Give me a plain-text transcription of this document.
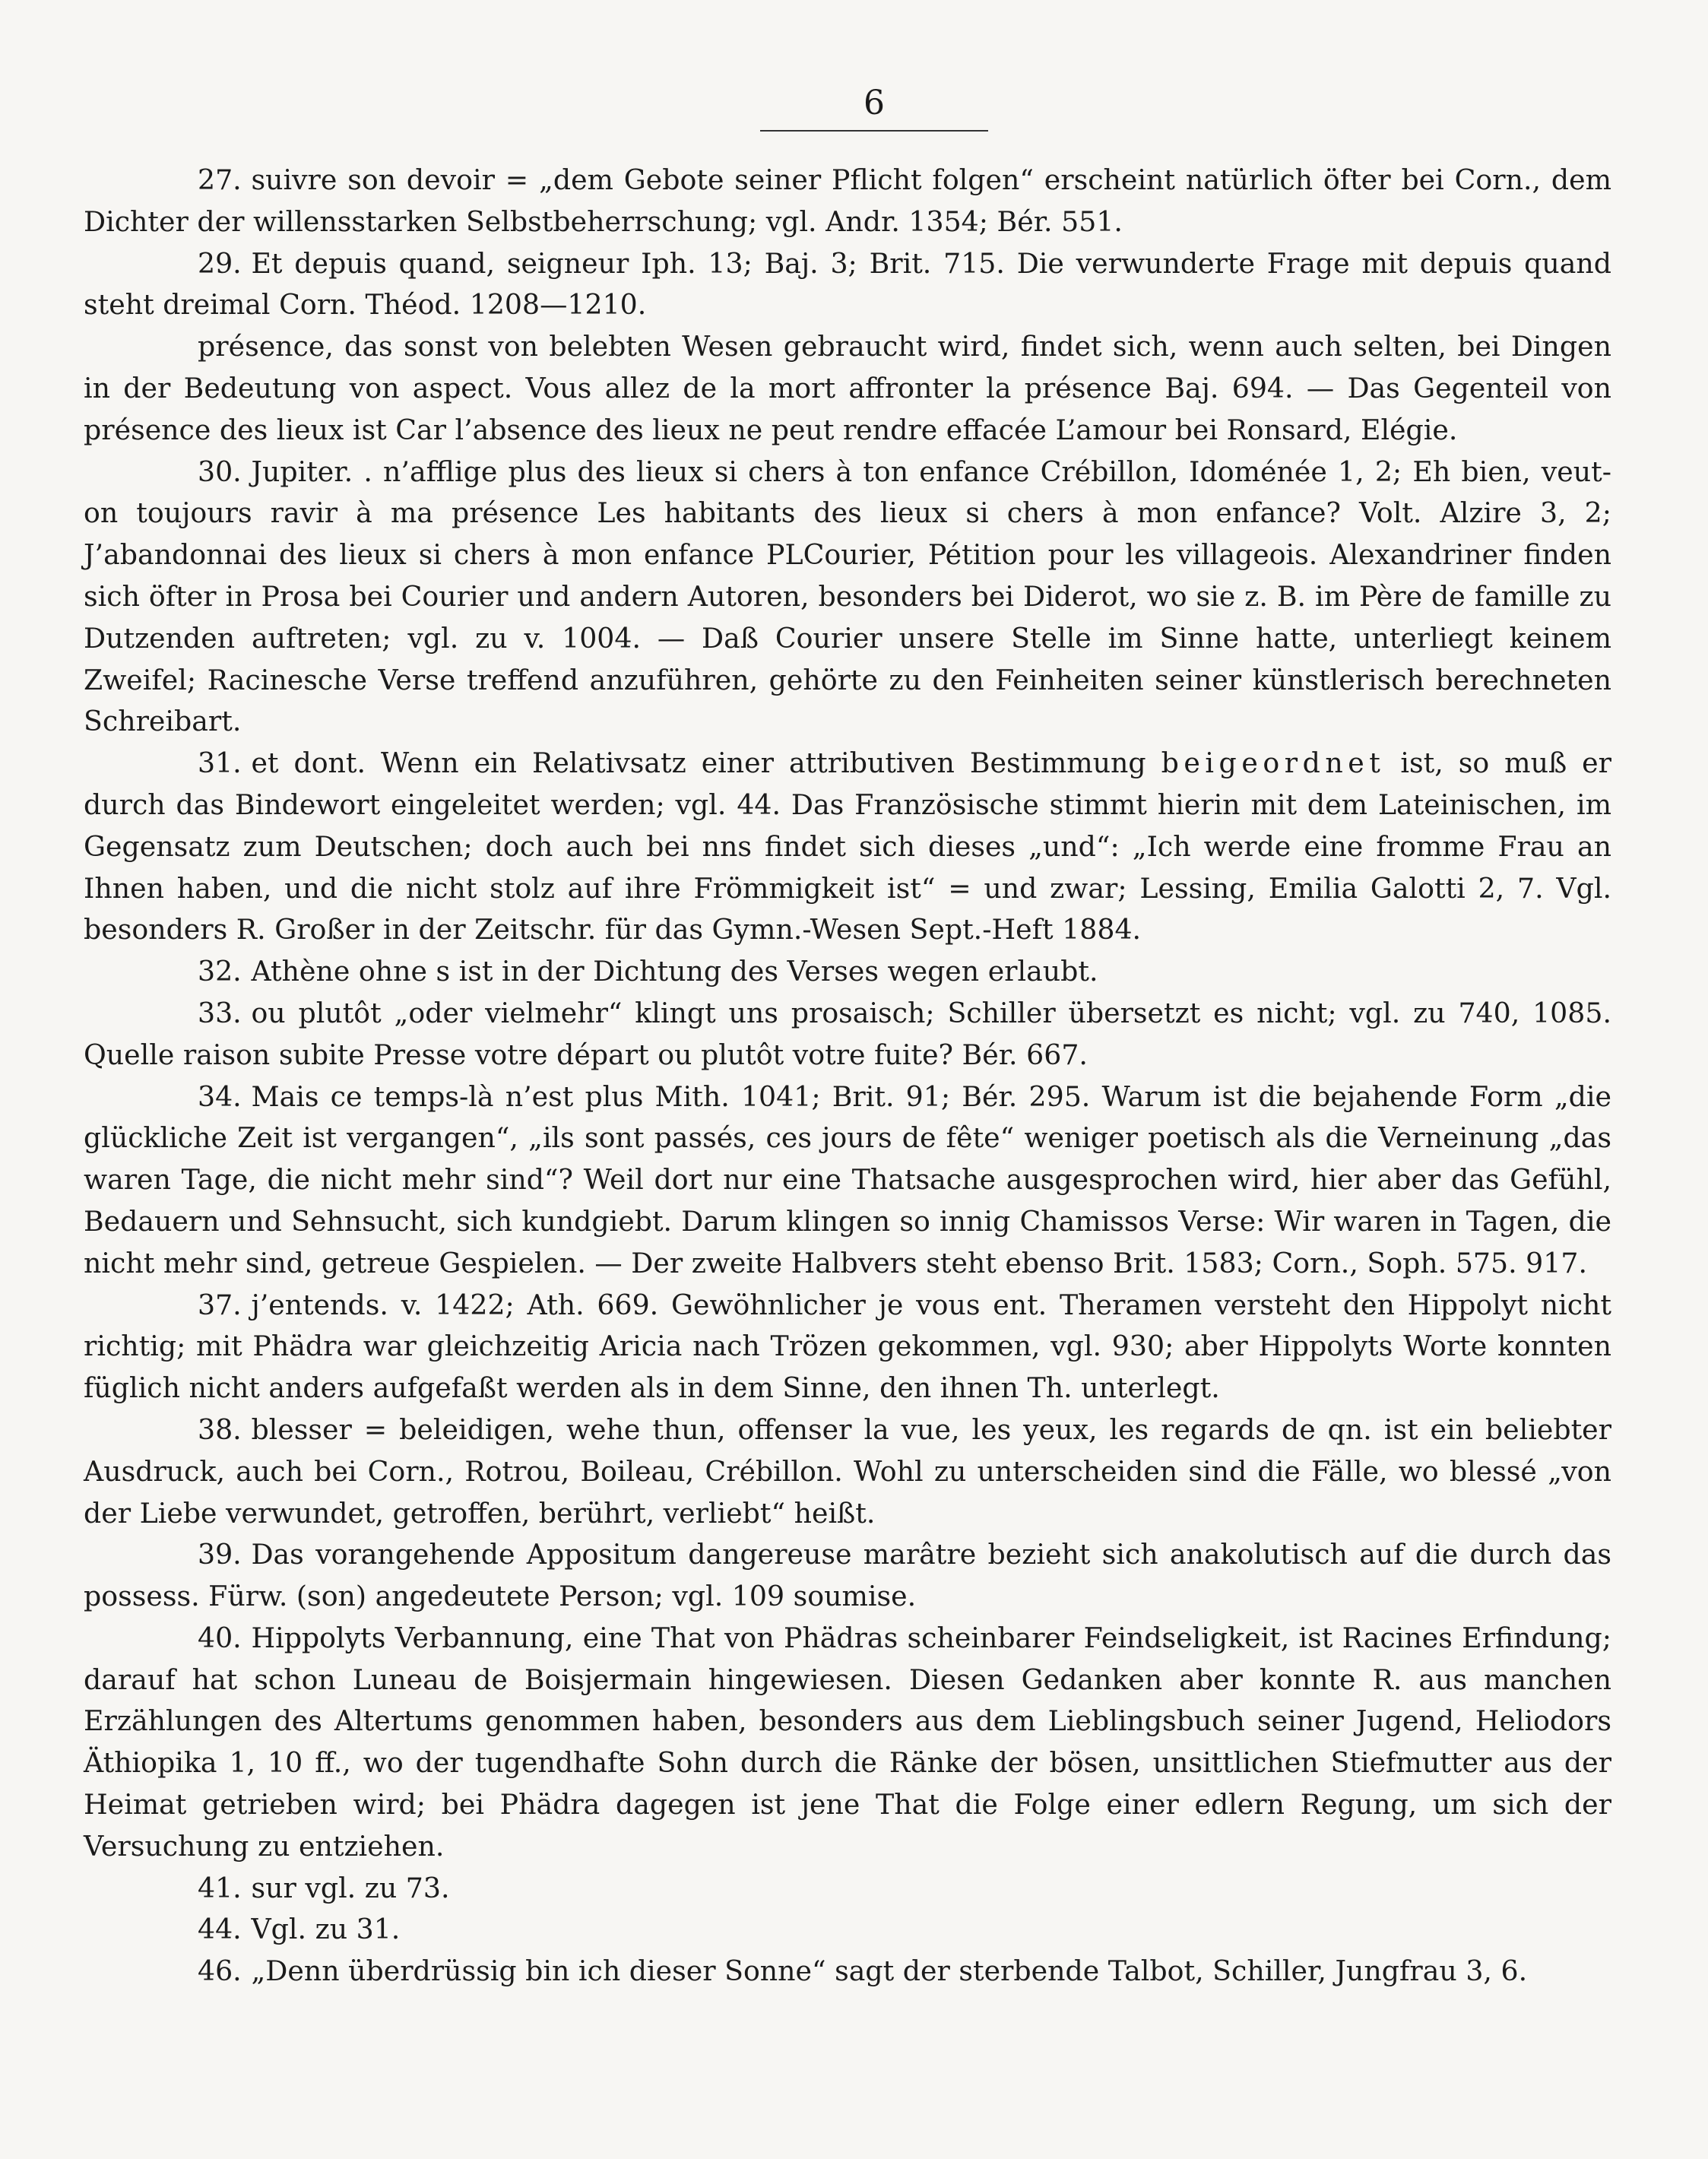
6

27. suivre son devoir = „dem Gebote seiner Pflicht folgen“ erscheint natürlich öfter bei Corn., dem Dichter der willensstarken Selbstbeherrschung; vgl. Andr. 1354; Bér. 551.

29. Et depuis quand, seigneur Iph. 13; Baj. 3; Brit. 715. Die verwunderte Frage mit depuis quand steht dreimal Corn. Théod. 1208—1210.

présence, das sonst von belebten Wesen gebraucht wird, findet sich, wenn auch selten, bei Dingen in der Bedeutung von aspect. Vous allez de la mort affronter la présence Baj. 694. — Das Gegenteil von présence des lieux ist Car l’absence des lieux ne peut rendre effacée L’amour bei Ronsard, Elégie.

30. Jupiter. . n’afflige plus des lieux si chers à ton enfance Crébillon, Idoménée 1, 2; Eh bien, veut-on toujours ravir à ma présence Les habitants des lieux si chers à mon enfance? Volt. Alzire 3, 2; J’abandonnai des lieux si chers à mon enfance PLCourier, Pétition pour les villageois. Alexandriner finden sich öfter in Prosa bei Courier und andern Autoren, besonders bei Diderot, wo sie z. B. im Père de famille zu Dutzenden auftreten; vgl. zu v. 1004. — Daß Courier unsere Stelle im Sinne hatte, unterliegt keinem Zweifel; Racinesche Verse treffend anzuführen, gehörte zu den Feinheiten seiner künstlerisch berechneten Schreibart.

31. et dont. Wenn ein Relativsatz einer attributiven Bestimmung beigeordnet ist, so muß er durch das Bindewort eingeleitet werden; vgl. 44. Das Französische stimmt hierin mit dem Lateinischen, im Gegensatz zum Deutschen; doch auch bei nns findet sich dieses „und“: „Ich werde eine fromme Frau an Ihnen haben, und die nicht stolz auf ihre Frömmigkeit ist“ = und zwar; Lessing, Emilia Galotti 2, 7. Vgl. besonders R. Großer in der Zeitschr. für das Gymn.-Wesen Sept.-Heft 1884.

32. Athène ohne s ist in der Dichtung des Verses wegen erlaubt.

33. ou plutôt „oder vielmehr“ klingt uns prosaisch; Schiller übersetzt es nicht; vgl. zu 740, 1085. Quelle raison subite Presse votre départ ou plutôt votre fuite? Bér. 667.

34. Mais ce temps-là n’est plus Mith. 1041; Brit. 91; Bér. 295. Warum ist die bejahende Form „die glückliche Zeit ist vergangen“, „ils sont passés, ces jours de fête“ weniger poetisch als die Verneinung „das waren Tage, die nicht mehr sind“? Weil dort nur eine Thatsache ausgesprochen wird, hier aber das Gefühl, Bedauern und Sehnsucht, sich kundgiebt. Darum klingen so innig Chamissos Verse: Wir waren in Tagen, die nicht mehr sind, getreue Gespielen. — Der zweite Halbvers steht ebenso Brit. 1583; Corn., Soph. 575. 917.

37. j’entends. v. 1422; Ath. 669. Gewöhnlicher je vous ent. Theramen versteht den Hippolyt nicht richtig; mit Phädra war gleichzeitig Aricia nach Trözen gekommen, vgl. 930; aber Hippolyts Worte konnten füglich nicht anders aufgefaßt werden als in dem Sinne, den ihnen Th. unterlegt.

38. blesser = beleidigen, wehe thun, offenser la vue, les yeux, les regards de qn. ist ein beliebter Ausdruck, auch bei Corn., Rotrou, Boileau, Crébillon. Wohl zu unterscheiden sind die Fälle, wo blessé „von der Liebe verwundet, getroffen, berührt, verliebt“ heißt.

39. Das vorangehende Appositum dangereuse marâtre bezieht sich anakolutisch auf die durch das possess. Fürw. (son) angedeutete Person; vgl. 109 soumise.

40. Hippolyts Verbannung, eine That von Phädras scheinbarer Feindseligkeit, ist Racines Erfindung; darauf hat schon Luneau de Boisjermain hingewiesen. Diesen Gedanken aber konnte R. aus manchen Erzählungen des Altertums genommen haben, besonders aus dem Lieblingsbuch seiner Jugend, Heliodors Äthiopika 1, 10 ff., wo der tugendhafte Sohn durch die Ränke der bösen, unsittlichen Stiefmutter aus der Heimat getrieben wird; bei Phädra dagegen ist jene That die Folge einer edlern Regung, um sich der Versuchung zu entziehen.

41. sur vgl. zu 73.

44. Vgl. zu 31.

46. „Denn überdrüssig bin ich dieser Sonne“ sagt der sterbende Talbot, Schiller, Jungfrau 3, 6.
